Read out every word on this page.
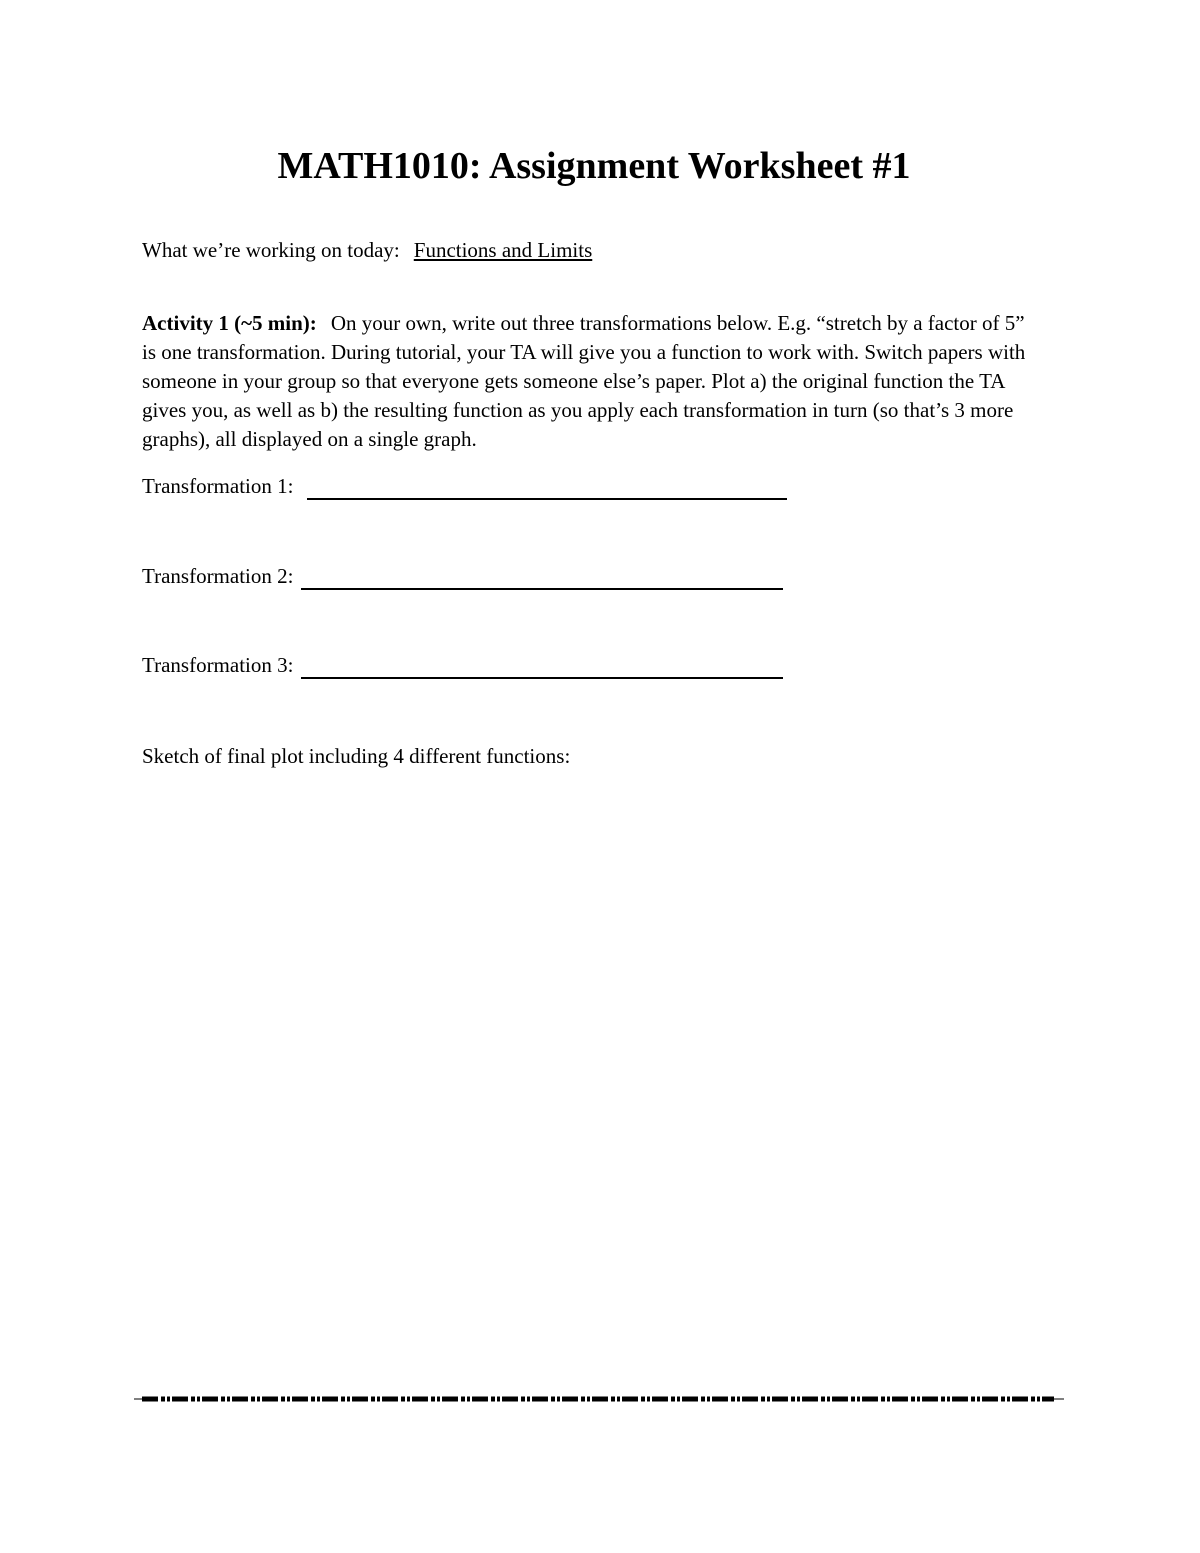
MATH1010: Assignment Worksheet #1
What we’re working on today: Functions and Limits
Activity 1 (~5 min): On your own, write out three transformations below. E.g. “stretch by a factor of 5” is one transformation. During tutorial, your TA will give you a function to work with. Switch papers with someone in your group so that everyone gets someone else’s paper. Plot a) the original function the TA gives you, as well as b) the resulting function as you apply each transformation in turn (so that’s 3 more graphs), all displayed on a single graph.
Transformation 1:
Transformation 2:
Transformation 3:
Sketch of final plot including 4 different functions:
